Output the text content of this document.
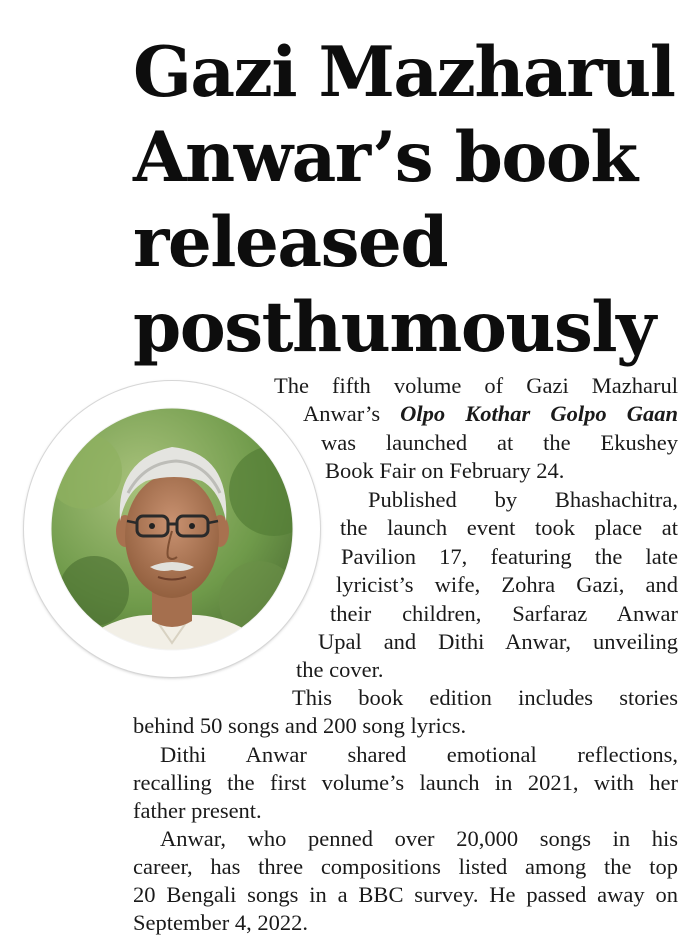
Gazi Mazharul
Anwar’s book
released
posthumously

The fifth volume of Gazi Mazharul

Anwar’s Olpo Kothar Golpo Gaan

was launched at the Ekushey

Book Fair on February 24.

Published by Bhashachitra,

the launch event took place at

Pavilion 17, featuring the late

lyricist’s wife, Zohra Gazi, and

their children, Sarfaraz Anwar

Upal and Dithi Anwar, unveiling

the cover.

This book edition includes stories

behind 50 songs and 200 song lyrics.

Dithi Anwar shared emotional reflections,

recalling the first volume’s launch in 2021, with her

father present.

Anwar, who penned over 20,000 songs in his

career, has three compositions listed among the top

20 Bengali songs in a BBC survey. He passed away on

September 4, 2022.
